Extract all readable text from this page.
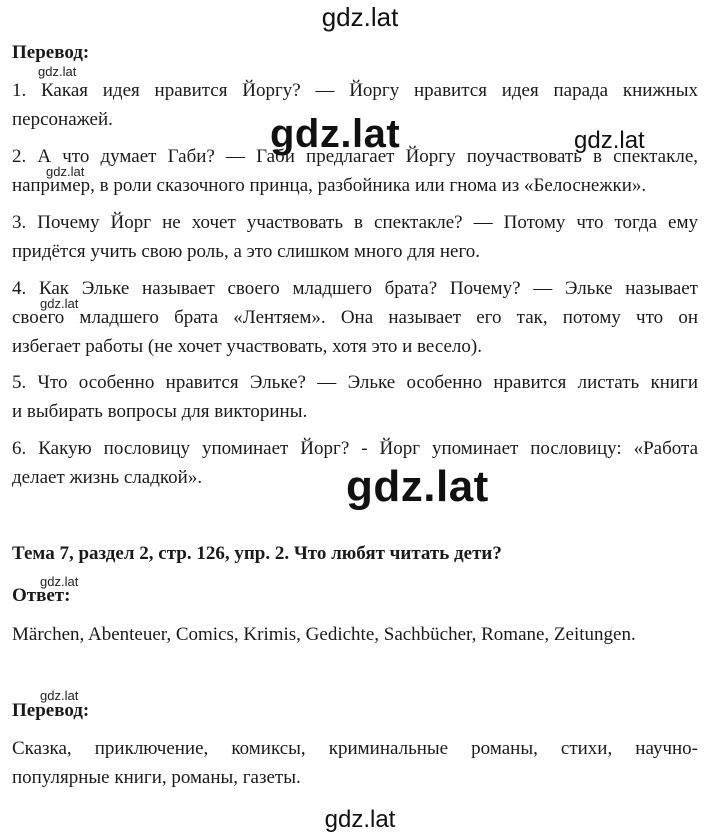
gdz.lat
gdz.lat
gdz.lat	gdz.lat
gdz.lat
gdz.lat
gdz.lat
gdz.lat
gdz.lat
gdz.lat
Перевод:
1. Какая идея нравится Йоргу? — Йоргу нравится идея парада книжных
персонажей.
2. А что думает Габи? — Габи предлагает Йоргу поучаствовать в спектакле,
например, в роли сказочного принца, разбойника или гнома из «Белоснежки».
3. Почему Йорг не хочет участвовать в спектакле? — Потому что тогда ему
придётся учить свою роль, а это слишком много для него.
4. Как Эльке называет своего младшего брата? Почему? — Эльке называет
своего младшего брата «Лентяем». Она называет его так, потому что он
избегает работы (не хочет участвовать, хотя это и весело).
5. Что особенно нравится Эльке? — Эльке особенно нравится листать книги
и выбирать вопросы для викторины.
6. Какую пословицу упоминает Йорг? - Йорг упоминает пословицу: «Работа
делает жизнь сладкой».
Тема 7, раздел 2, стр. 126, упр. 2. Что любят читать дети?
Ответ:
Märchen, Abenteuer, Comics, Krimis, Gedichte, Sachbücher, Romane, Zeitungen.
Перевод:
Сказка, приключение, комиксы, криминальные романы, стихи, научно-
популярные книги, романы, газеты.
